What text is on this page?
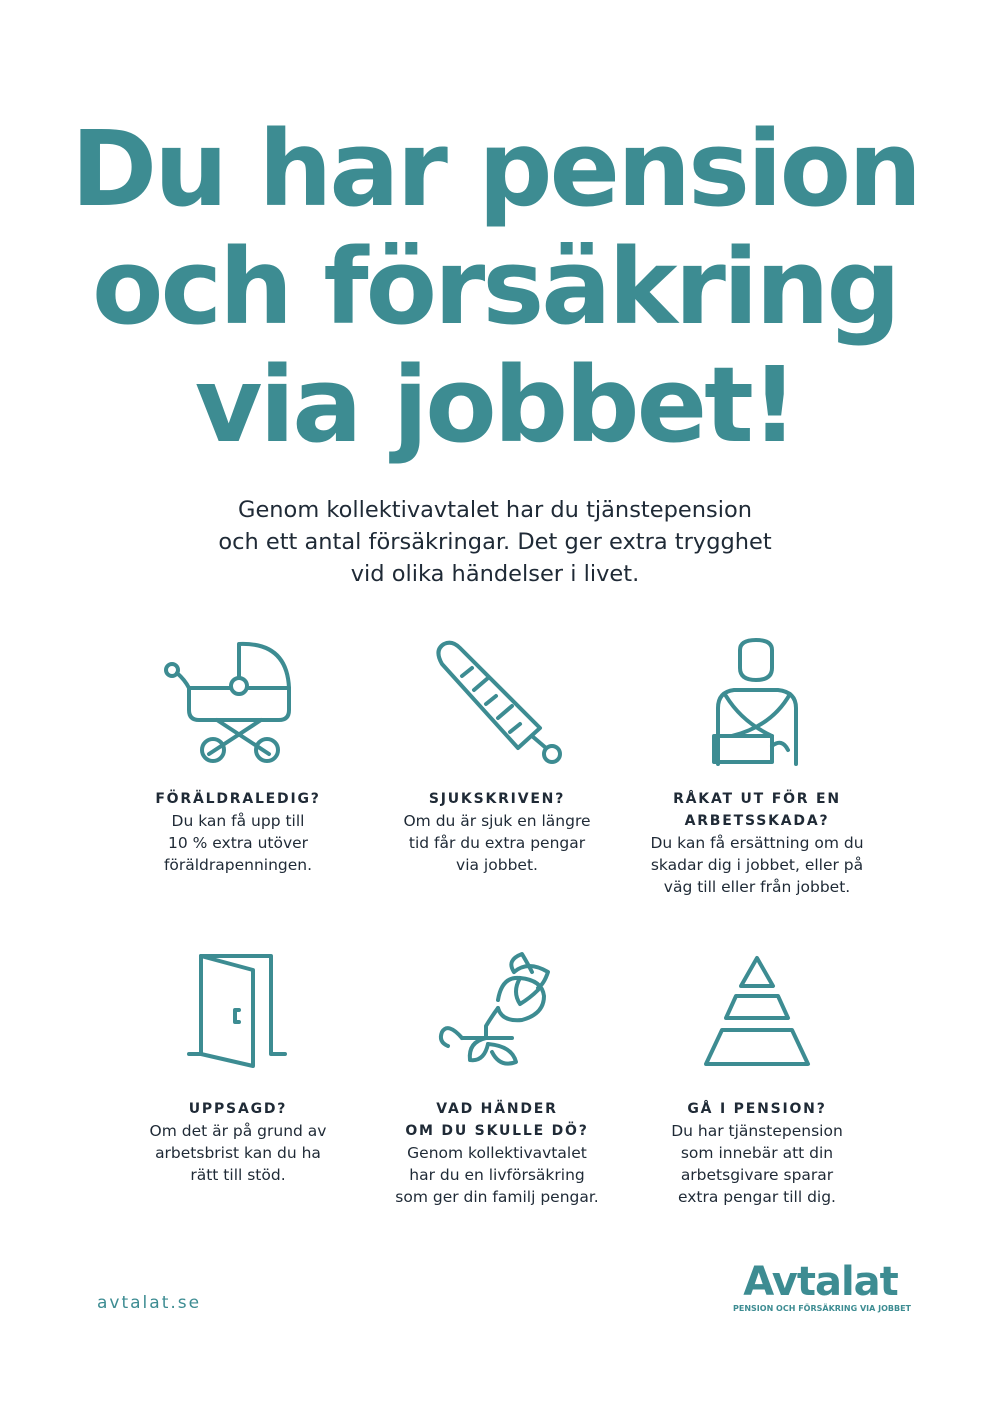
Du har pension
och försäkring
via jobbet!

Genom kollektivavtalet har du tjänstepension
och ett antal försäkringar. Det ger extra trygghet
vid olika händelser i livet.

FÖRÄLDRALEDIG?
Du kan få upp till
10 % extra utöver
föräldrapenningen.
SJUKSKRIVEN?
Om du är sjuk en längre
tid får du extra pengar
via jobbet.
RÅKAT UT FÖR EN
ARBETSSKADA?
Du kan få ersättning om du
skadar dig i jobbet, eller på
väg till eller från jobbet.
UPPSAGD?
Om det är på grund av
arbetsbrist kan du ha
rätt till stöd.
VAD HÄNDER
OM DU SKULLE DÖ?
Genom kollektivavtalet
har du en livförsäkring
som ger din familj pengar.
GÅ I PENSION?
Du har tjänstepension
som innebär att din
arbetsgivare sparar
extra pengar till dig.
avtalat.se	Avtalat
PENSION OCH FÖRSÄKRING VIA JOBBET
